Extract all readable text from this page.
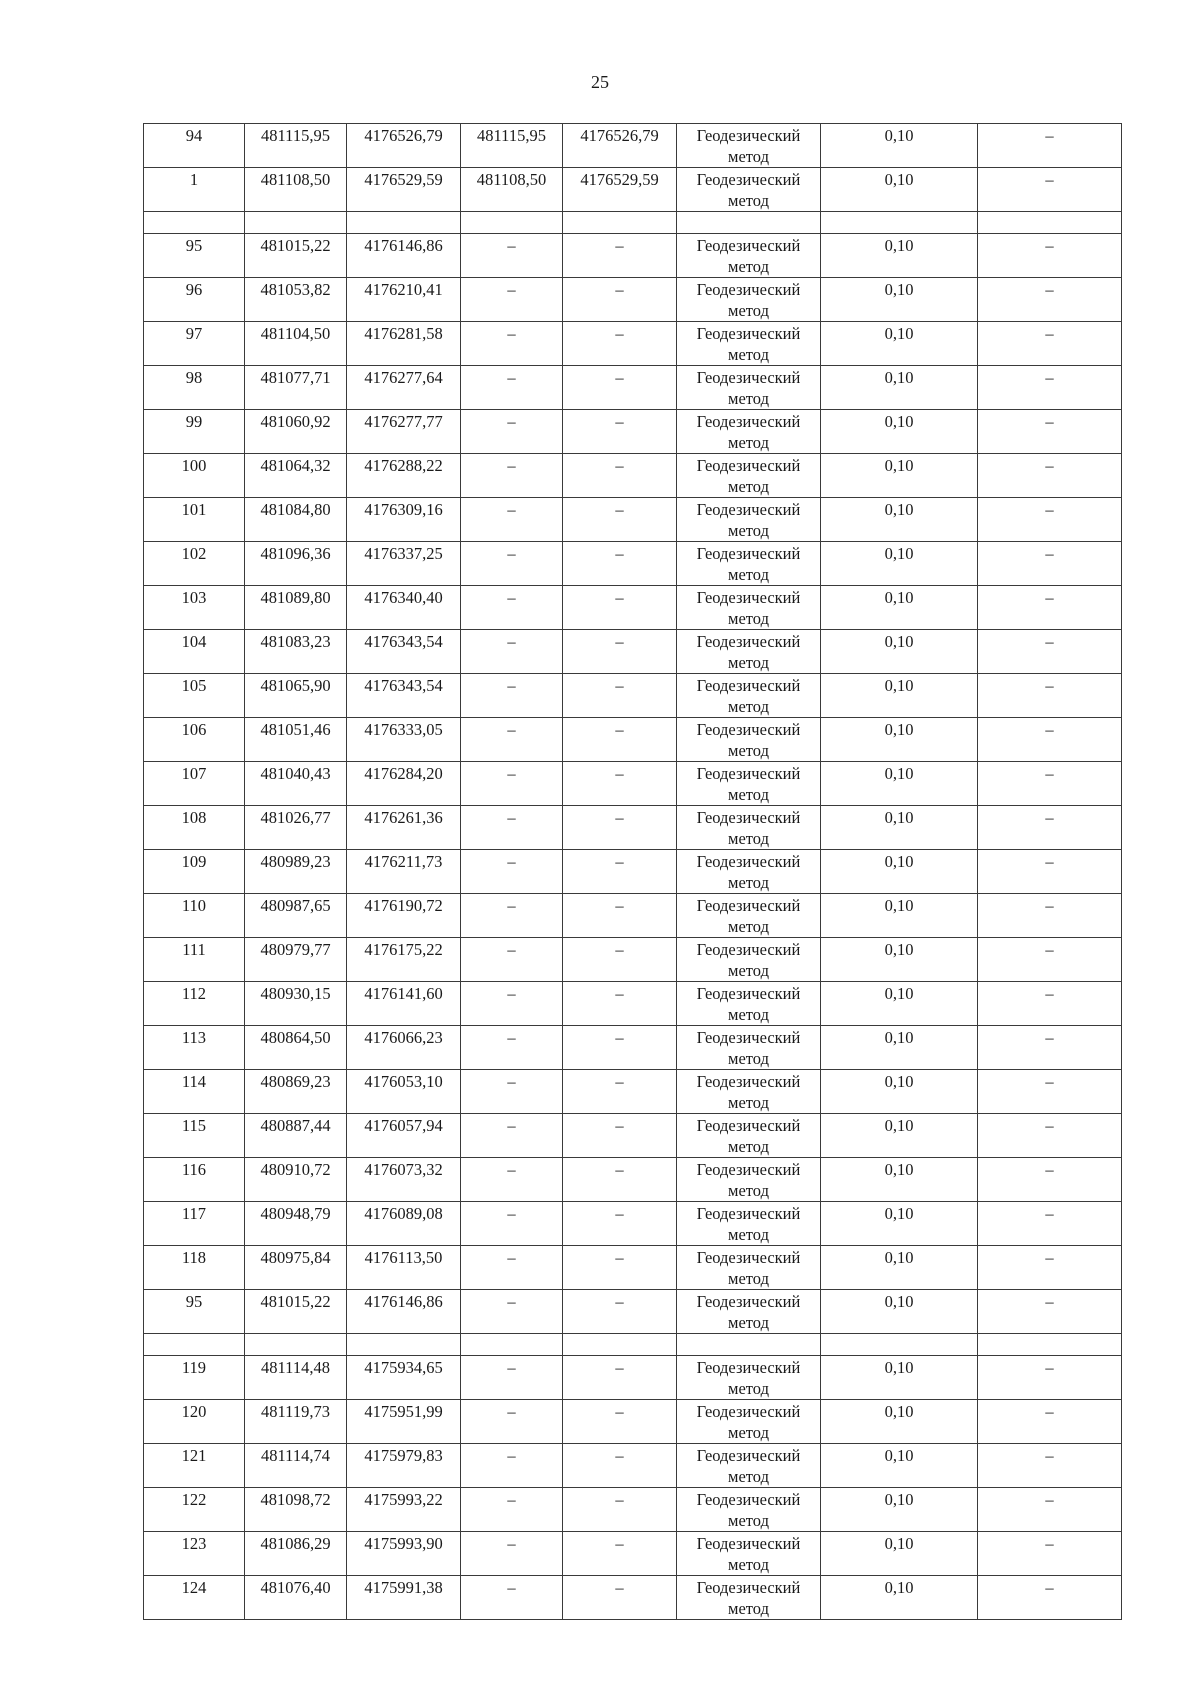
25
94	481115,95	4176526,79	481115,95	4176526,79	Геодезический
метод	0,10	–
1	481108,50	4176529,59	481108,50	4176529,59	Геодезический
метод	0,10	–

95	481015,22	4176146,86	–	–	Геодезический
метод	0,10	–
96	481053,82	4176210,41	–	–	Геодезический
метод	0,10	–
97	481104,50	4176281,58	–	–	Геодезический
метод	0,10	–
98	481077,71	4176277,64	–	–	Геодезический
метод	0,10	–
99	481060,92	4176277,77	–	–	Геодезический
метод	0,10	–
100	481064,32	4176288,22	–	–	Геодезический
метод	0,10	–
101	481084,80	4176309,16	–	–	Геодезический
метод	0,10	–
102	481096,36	4176337,25	–	–	Геодезический
метод	0,10	–
103	481089,80	4176340,40	–	–	Геодезический
метод	0,10	–
104	481083,23	4176343,54	–	–	Геодезический
метод	0,10	–
105	481065,90	4176343,54	–	–	Геодезический
метод	0,10	–
106	481051,46	4176333,05	–	–	Геодезический
метод	0,10	–
107	481040,43	4176284,20	–	–	Геодезический
метод	0,10	–
108	481026,77	4176261,36	–	–	Геодезический
метод	0,10	–
109	480989,23	4176211,73	–	–	Геодезический
метод	0,10	–
110	480987,65	4176190,72	–	–	Геодезический
метод	0,10	–
111	480979,77	4176175,22	–	–	Геодезический
метод	0,10	–
112	480930,15	4176141,60	–	–	Геодезический
метод	0,10	–
113	480864,50	4176066,23	–	–	Геодезический
метод	0,10	–
114	480869,23	4176053,10	–	–	Геодезический
метод	0,10	–
115	480887,44	4176057,94	–	–	Геодезический
метод	0,10	–
116	480910,72	4176073,32	–	–	Геодезический
метод	0,10	–
117	480948,79	4176089,08	–	–	Геодезический
метод	0,10	–
118	480975,84	4176113,50	–	–	Геодезический
метод	0,10	–
95	481015,22	4176146,86	–	–	Геодезический
метод	0,10	–

119	481114,48	4175934,65	–	–	Геодезический
метод	0,10	–
120	481119,73	4175951,99	–	–	Геодезический
метод	0,10	–
121	481114,74	4175979,83	–	–	Геодезический
метод	0,10	–
122	481098,72	4175993,22	–	–	Геодезический
метод	0,10	–
123	481086,29	4175993,90	–	–	Геодезический
метод	0,10	–
124	481076,40	4175991,38	–	–	Геодезический
метод	0,10	–
